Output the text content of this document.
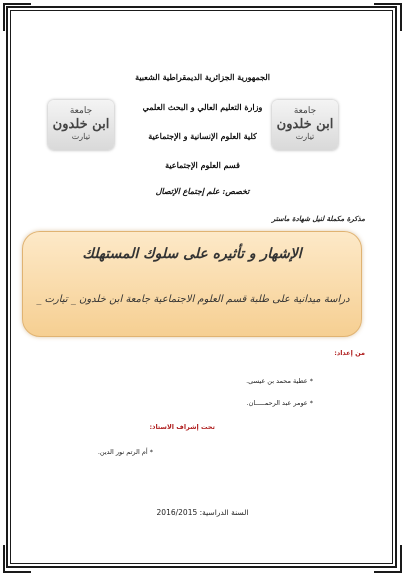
الجمهورية الجزائرية الديمقراطية الشعبية
وزارة التعليم العالي و البحث العلمي
كلية العلوم الإنسانية و الإجتماعية
قسم العلوم الإجتماعية
تخصص: علم إجتماع الإتصال
جامعة
ابن خلدون
تيارت
جامعة
ابن خلدون
تيارت
مذكرة مكملة لنيل شهادة ماستر
الإشهار و تأثيره على سلوك المستهلك
دراسة ميدانية على طلبة قسم العلوم الاجتماعية جامعة ابن خلدون _ تيارت _
من إعداد:
* عطية محمد بن عيسى.
* عومر عبد الرحمـــــان.
تحت إشراف الاستاذ:
* أم الرتم نور الدين.
السنة الدراسية: 2016/2015
